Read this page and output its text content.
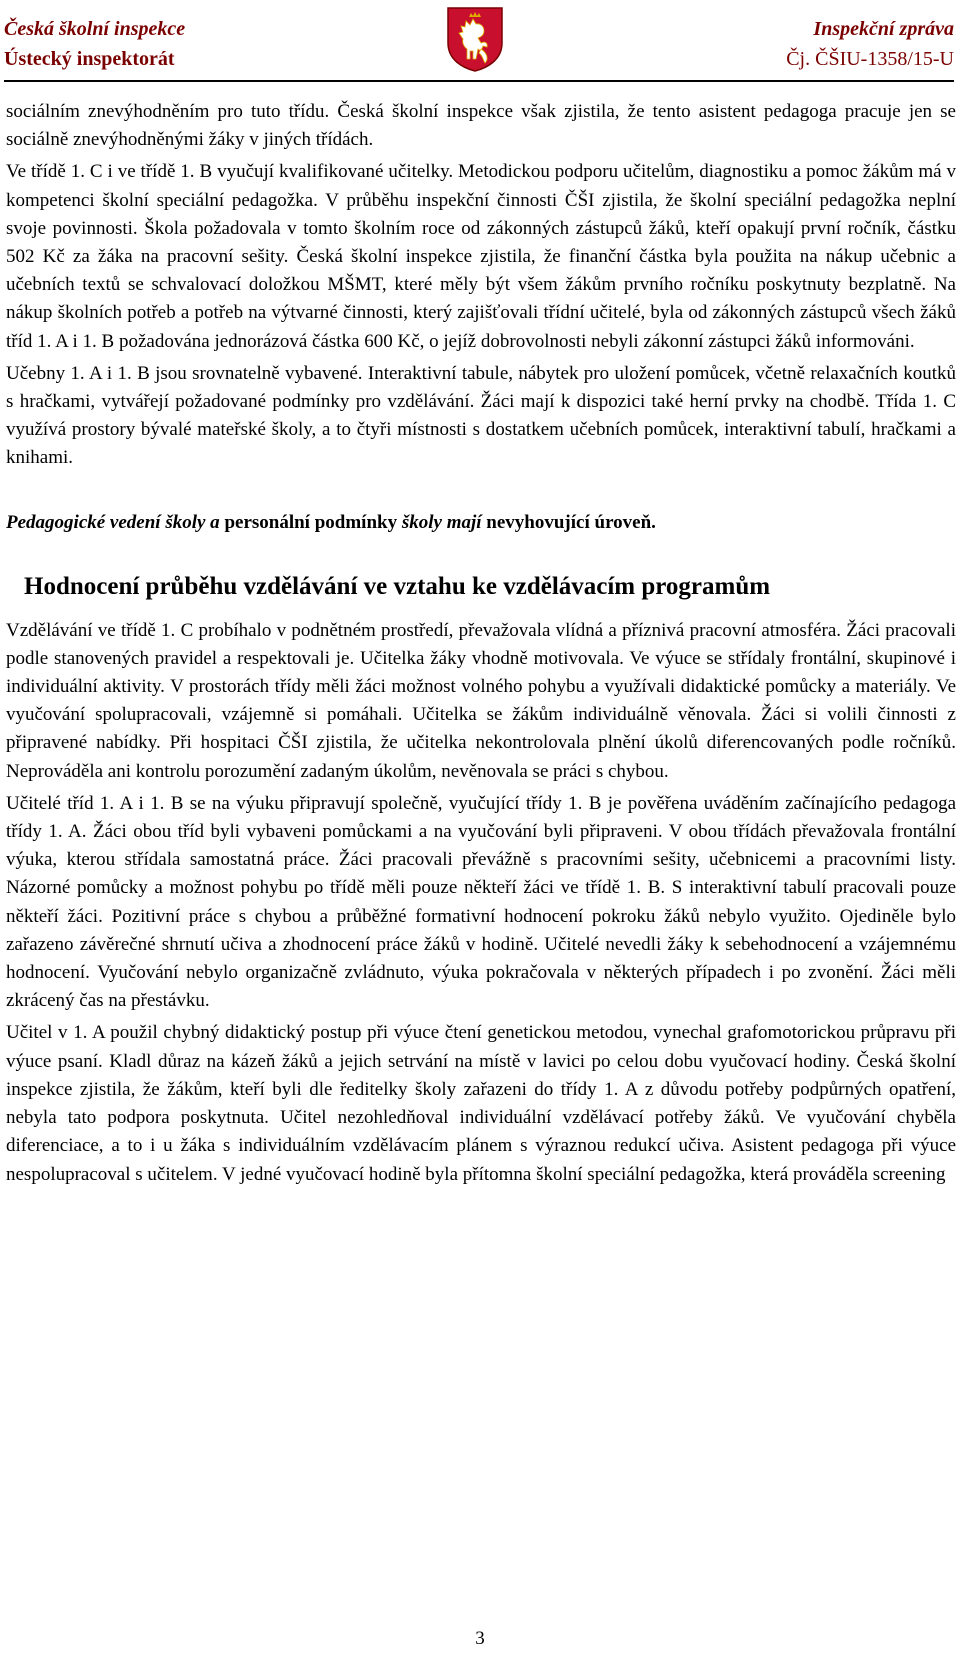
Česká školní inspekce
Ústecký inspektorát
Inspekční zpráva
Čj. ČŠIU-1358/15-U

sociálním znevýhodněním pro tuto třídu. Česká školní inspekce však zjistila, že tento asistent pedagoga pracuje jen se sociálně znevýhodněnými žáky v jiných třídách.

Ve třídě 1. C i ve třídě 1. B vyučují kvalifikované učitelky. Metodickou podporu učitelům, diagnostiku a pomoc žákům má v kompetenci školní speciální pedagožka. V průběhu inspekční činnosti ČŠI zjistila, že školní speciální pedagožka neplní svoje povinnosti. Škola požadovala v tomto školním roce od zákonných zástupců žáků, kteří opakují první ročník, částku 502 Kč za žáka na pracovní sešity. Česká školní inspekce zjistila, že finanční částka byla použita na nákup učebnic a učebních textů se schvalovací doložkou MŠMT, které měly být všem žákům prvního ročníku poskytnuty bezplatně. Na nákup školních potřeb a potřeb na výtvarné činnosti, který zajišťovali třídní učitelé, byla od zákonných zástupců všech žáků tříd 1. A i 1. B požadována jednorázová částka 600 Kč, o jejíž dobrovolnosti nebyli zákonní zástupci žáků informováni.

Učebny 1. A i 1. B jsou srovnatelně vybavené. Interaktivní tabule, nábytek pro uložení pomůcek, včetně relaxačních koutků s hračkami, vytvářejí požadované podmínky pro vzdělávání. Žáci mají k dispozici také herní prvky na chodbě. Třída 1. C využívá prostory bývalé mateřské školy, a to čtyři místnosti s dostatkem učebních pomůcek, interaktivní tabulí, hračkami a knihami.

Pedagogické vedení školy a personální podmínky školy mají nevyhovující úroveň.

Hodnocení průběhu vzdělávání ve vztahu ke vzdělávacím programům

Vzdělávání ve třídě 1. C probíhalo v podnětném prostředí, převažovala vlídná a příznivá pracovní atmosféra. Žáci pracovali podle stanovených pravidel a respektovali je. Učitelka žáky vhodně motivovala. Ve výuce se střídaly frontální, skupinové i individuální aktivity. V prostorách třídy měli žáci možnost volného pohybu a využívali didaktické pomůcky a materiály. Ve vyučování spolupracovali, vzájemně si pomáhali. Učitelka se žákům individuálně věnovala. Žáci si volili činnosti z připravené nabídky. Při hospitaci ČŠI zjistila, že učitelka nekontrolovala plnění úkolů diferencovaných podle ročníků. Neprováděla ani kontrolu porozumění zadaným úkolům, nevěnovala se práci s chybou.

Učitelé tříd 1. A i 1. B se na výuku připravují společně, vyučující třídy 1. B je pověřena uváděním začínajícího pedagoga třídy 1. A. Žáci obou tříd byli vybaveni pomůckami a na vyučování byli připraveni. V obou třídách převažovala frontální výuka, kterou střídala samostatná práce. Žáci pracovali převážně s pracovními sešity, učebnicemi a pracovními listy. Názorné pomůcky a možnost pohybu po třídě měli pouze někteří žáci ve třídě 1. B. S interaktivní tabulí pracovali pouze někteří žáci. Pozitivní práce s chybou a průběžné formativní hodnocení pokroku žáků nebylo využito. Ojediněle bylo zařazeno závěrečné shrnutí učiva a zhodnocení práce žáků v hodině. Učitelé nevedli žáky k sebehodnocení a vzájemnému hodnocení. Vyučování nebylo organizačně zvládnuto, výuka pokračovala v některých případech i po zvonění. Žáci měli zkrácený čas na přestávku.

Učitel v 1. A použil chybný didaktický postup při výuce čtení genetickou metodou, vynechal grafomotorickou průpravu při výuce psaní. Kladl důraz na kázeň žáků a jejich setrvání na místě v lavici po celou dobu vyučovací hodiny. Česká školní inspekce zjistila, že žákům, kteří byli dle ředitelky školy zařazeni do třídy 1. A z důvodu potřeby podpůrných opatření, nebyla tato podpora poskytnuta. Učitel nezohledňoval individuální vzdělávací potřeby žáků. Ve vyučování chyběla diferenciace, a to i u žáka s individuálním vzdělávacím plánem s výraznou redukcí učiva. Asistent pedagoga při výuce nespolupracoval s učitelem. V jedné vyučovací hodině byla přítomna školní speciální pedagožka, která prováděla screening

3
